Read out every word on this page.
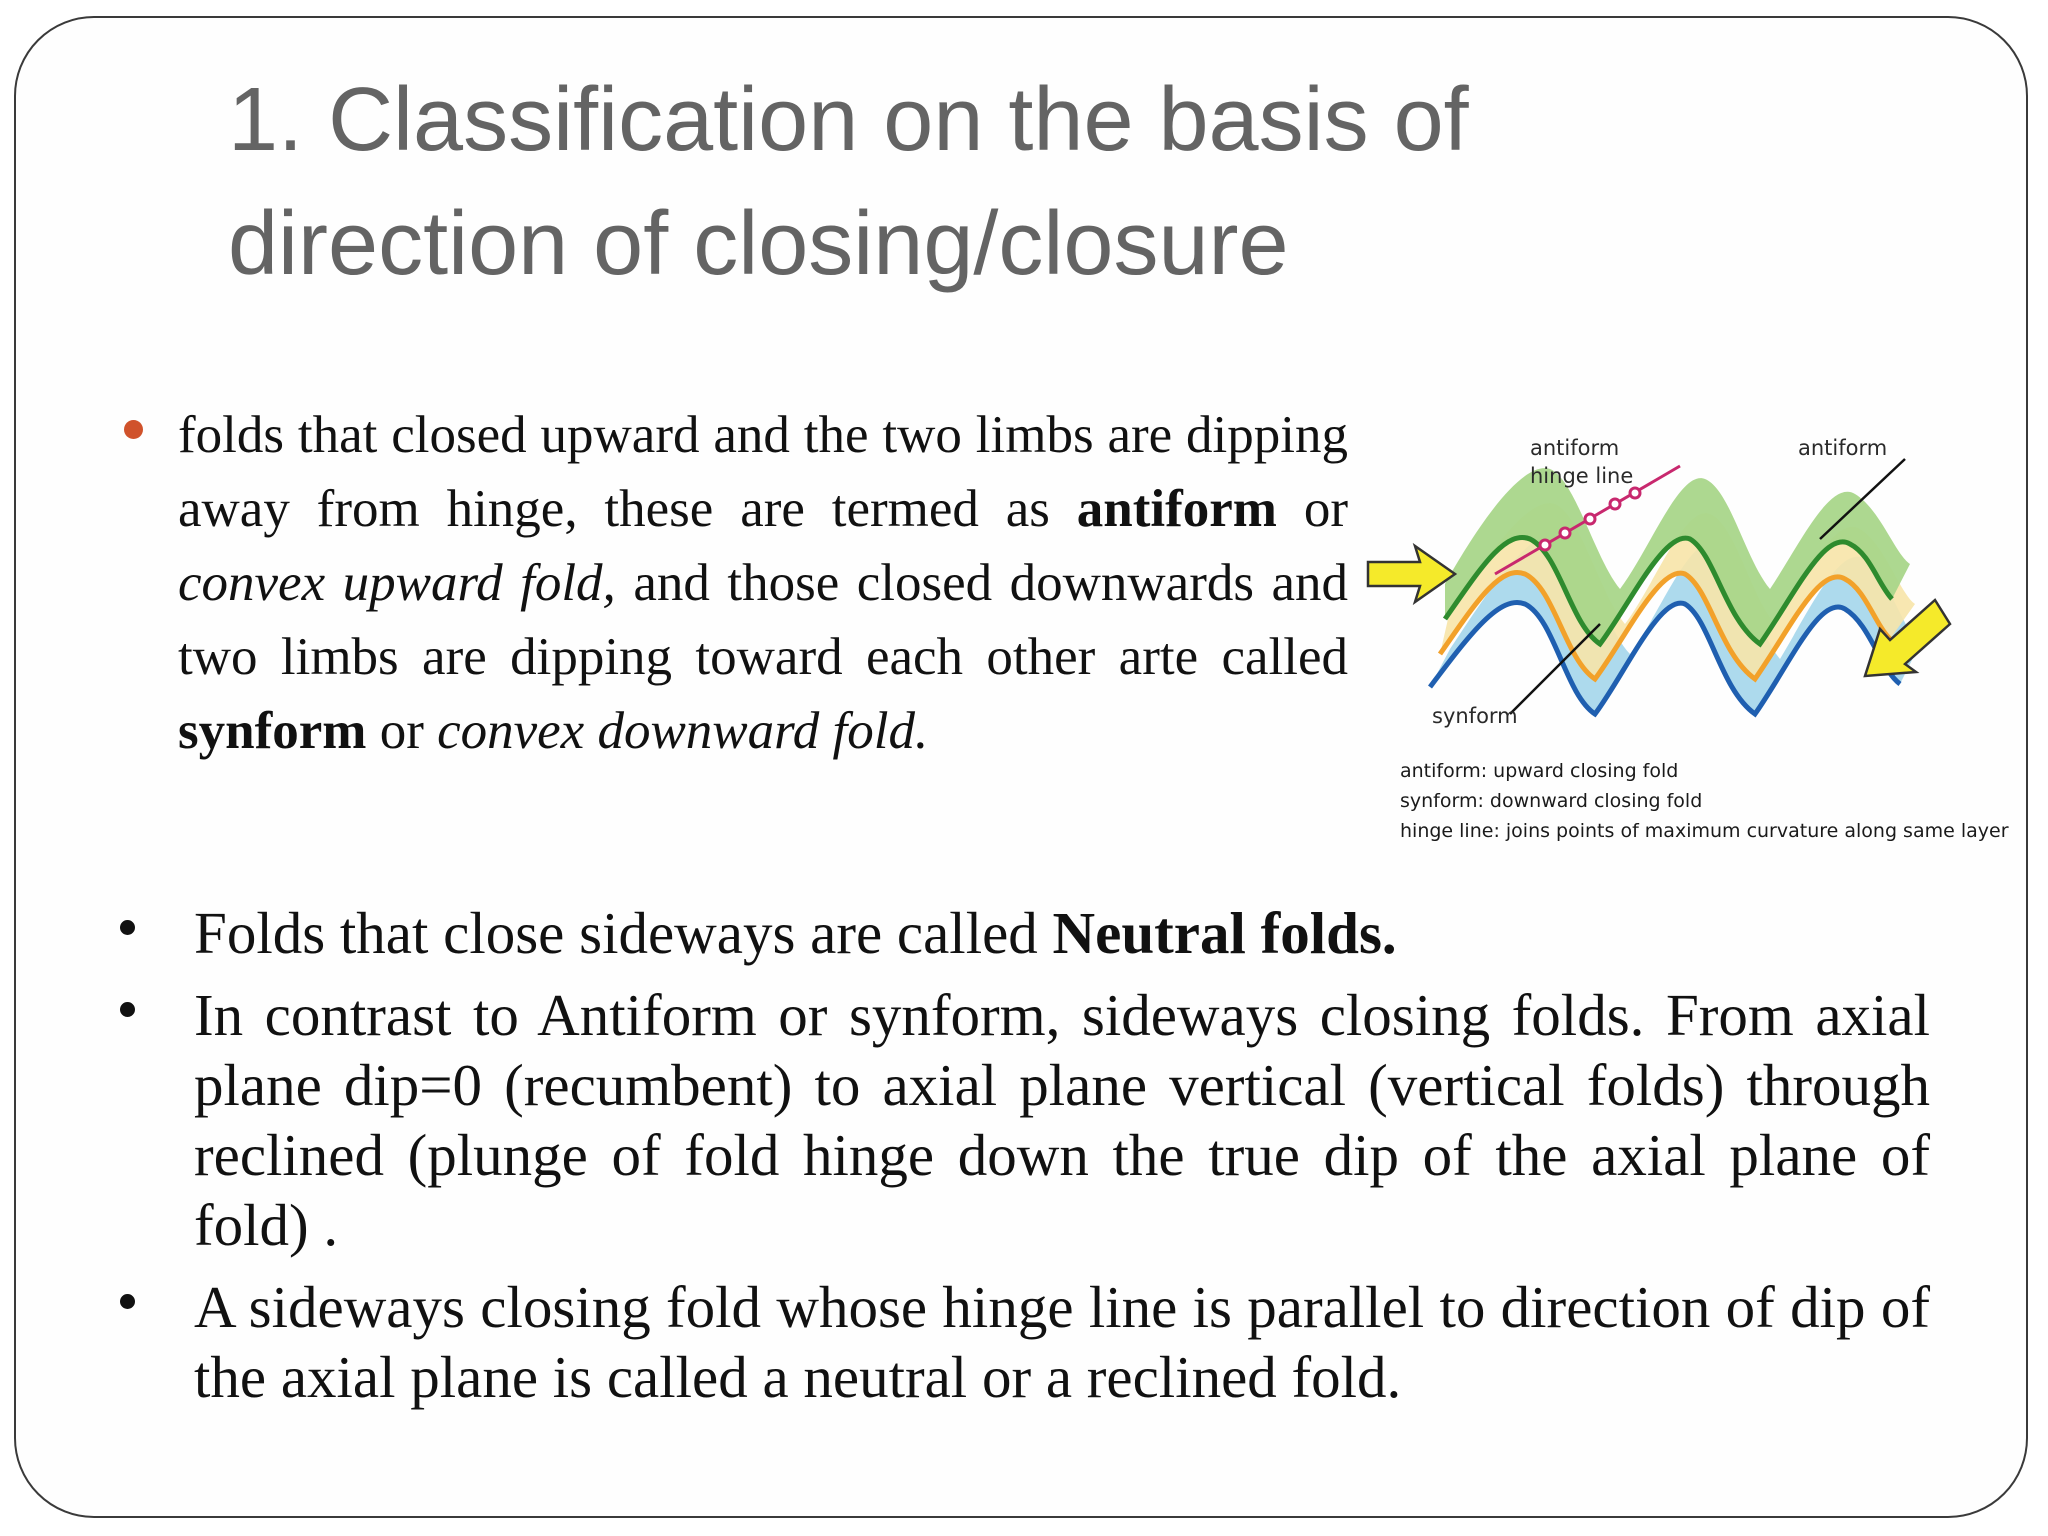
1. Classification on the basis of
direction of closing/closure
folds that closed upward and the two limbs are dipping away from hinge, these are termed as antiform or convex upward fold, and those closed downwards and two limbs are dipping toward each other arte called synform or convex downward fold.
antiform
hinge line
antiform
synform
antiform: upward closing fold
synform: downward closing fold
hinge line: joins points of maximum curvature along same layer
Folds that close sideways are called Neutral folds.
In contrast to Antiform or synform, sideways closing folds. From axial plane dip=0 (recumbent) to axial plane vertical (vertical folds) through reclined (plunge of fold hinge down the true dip of the axial plane of fold) .
A sideways closing fold whose hinge line is parallel to direction of dip of the axial plane is called a neutral or a reclined fold.
